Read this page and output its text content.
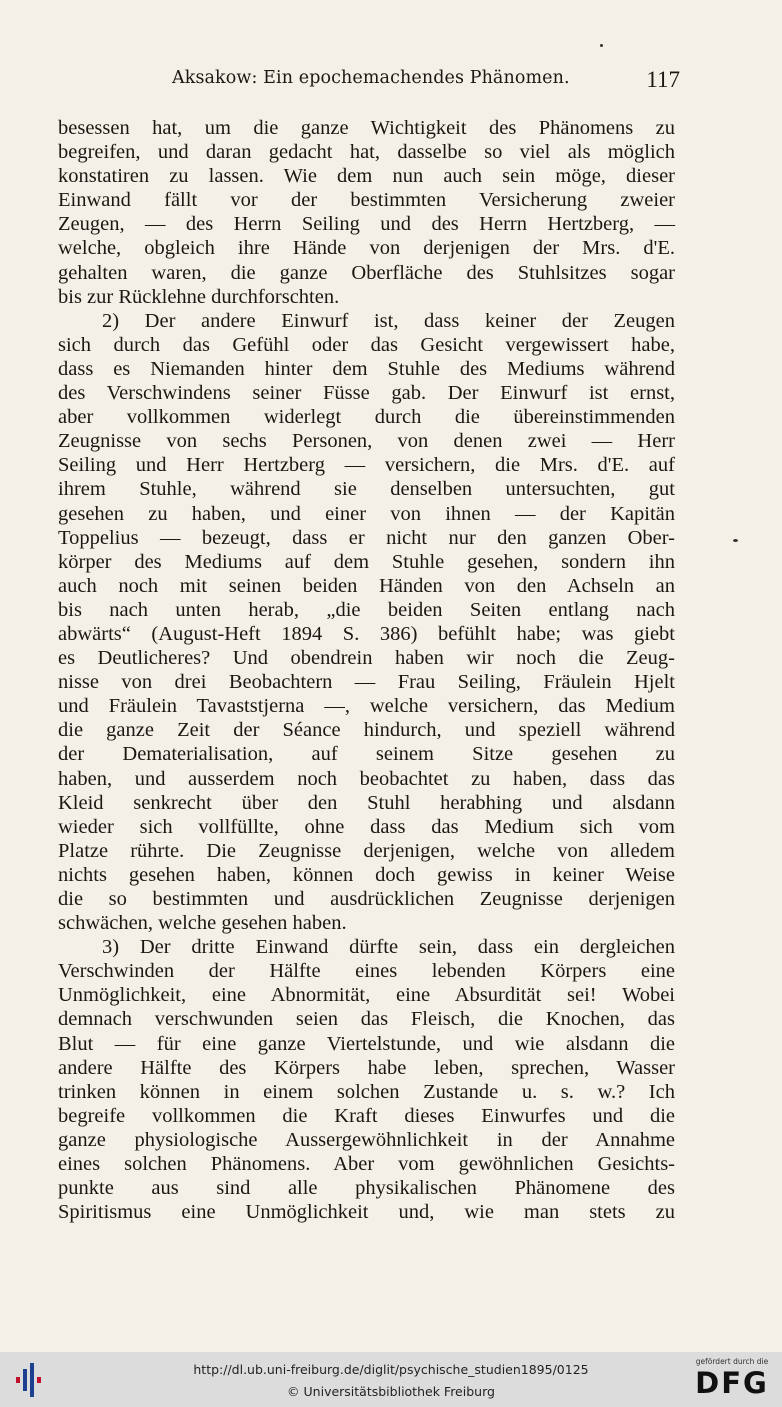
Aksakow: Ein epochemachendes Phänomen.	117
besessen hat, um die ganze Wichtigkeit des Phänomens zu
begreifen, und daran gedacht hat, dasselbe so viel als möglich
konstatiren zu lassen. Wie dem nun auch sein möge, dieser
Einwand fällt vor der bestimmten Versicherung zweier
Zeugen, — des Herrn Seiling und des Herrn Hertzberg, —
welche, obgleich ihre Hände von derjenigen der Mrs. d'E.
gehalten waren, die ganze Oberfläche des Stuhlsitzes sogar
bis zur Rücklehne durchforschten.
2) Der andere Einwurf ist, dass keiner der Zeugen
sich durch das Gefühl oder das Gesicht vergewissert habe,
dass es Niemanden hinter dem Stuhle des Mediums während
des Verschwindens seiner Füsse gab. Der Einwurf ist ernst,
aber vollkommen widerlegt durch die übereinstimmenden
Zeugnisse von sechs Personen, von denen zwei — Herr
Seiling und Herr Hertzberg — versichern, die Mrs. d'E. auf
ihrem Stuhle, während sie denselben untersuchten, gut
gesehen zu haben, und einer von ihnen — der Kapitän
Toppelius — bezeugt, dass er nicht nur den ganzen Ober-
körper des Mediums auf dem Stuhle gesehen, sondern ihn
auch noch mit seinen beiden Händen von den Achseln an
bis nach unten herab, „die beiden Seiten entlang nach
abwärts“ (August-Heft 1894 S. 386) befühlt habe; was giebt
es Deutlicheres? Und obendrein haben wir noch die Zeug-
nisse von drei Beobachtern — Frau Seiling, Fräulein Hjelt
und Fräulein Tavaststjerna —, welche versichern, das Medium
die ganze Zeit der Séance hindurch, und speziell während
der Dematerialisation, auf seinem Sitze gesehen zu
haben, und ausserdem noch beobachtet zu haben, dass das
Kleid senkrecht über den Stuhl herabhing und alsdann
wieder sich vollfüllte, ohne dass das Medium sich vom
Platze rührte. Die Zeugnisse derjenigen, welche von alledem
nichts gesehen haben, können doch gewiss in keiner Weise
die so bestimmten und ausdrücklichen Zeugnisse derjenigen
schwächen, welche gesehen haben.
3) Der dritte Einwand dürfte sein, dass ein dergleichen
Verschwinden der Hälfte eines lebenden Körpers eine
Unmöglichkeit, eine Abnormität, eine Absurdität sei! Wobei
demnach verschwunden seien das Fleisch, die Knochen, das
Blut — für eine ganze Viertelstunde, und wie alsdann die
andere Hälfte des Körpers habe leben, sprechen, Wasser
trinken können in einem solchen Zustande u. s. w.? Ich
begreife vollkommen die Kraft dieses Einwurfes und die
ganze physiologische Aussergewöhnlichkeit in der Annahme
eines solchen Phänomens. Aber vom gewöhnlichen Gesichts-
punkte aus sind alle physikalischen Phänomene des
Spiritismus eine Unmöglichkeit und, wie man stets zu
http://dl.ub.uni-freiburg.de/diglit/psychische_studien1895/0125
© Universitätsbibliothek Freiburg
gefördert durch die
DFG
